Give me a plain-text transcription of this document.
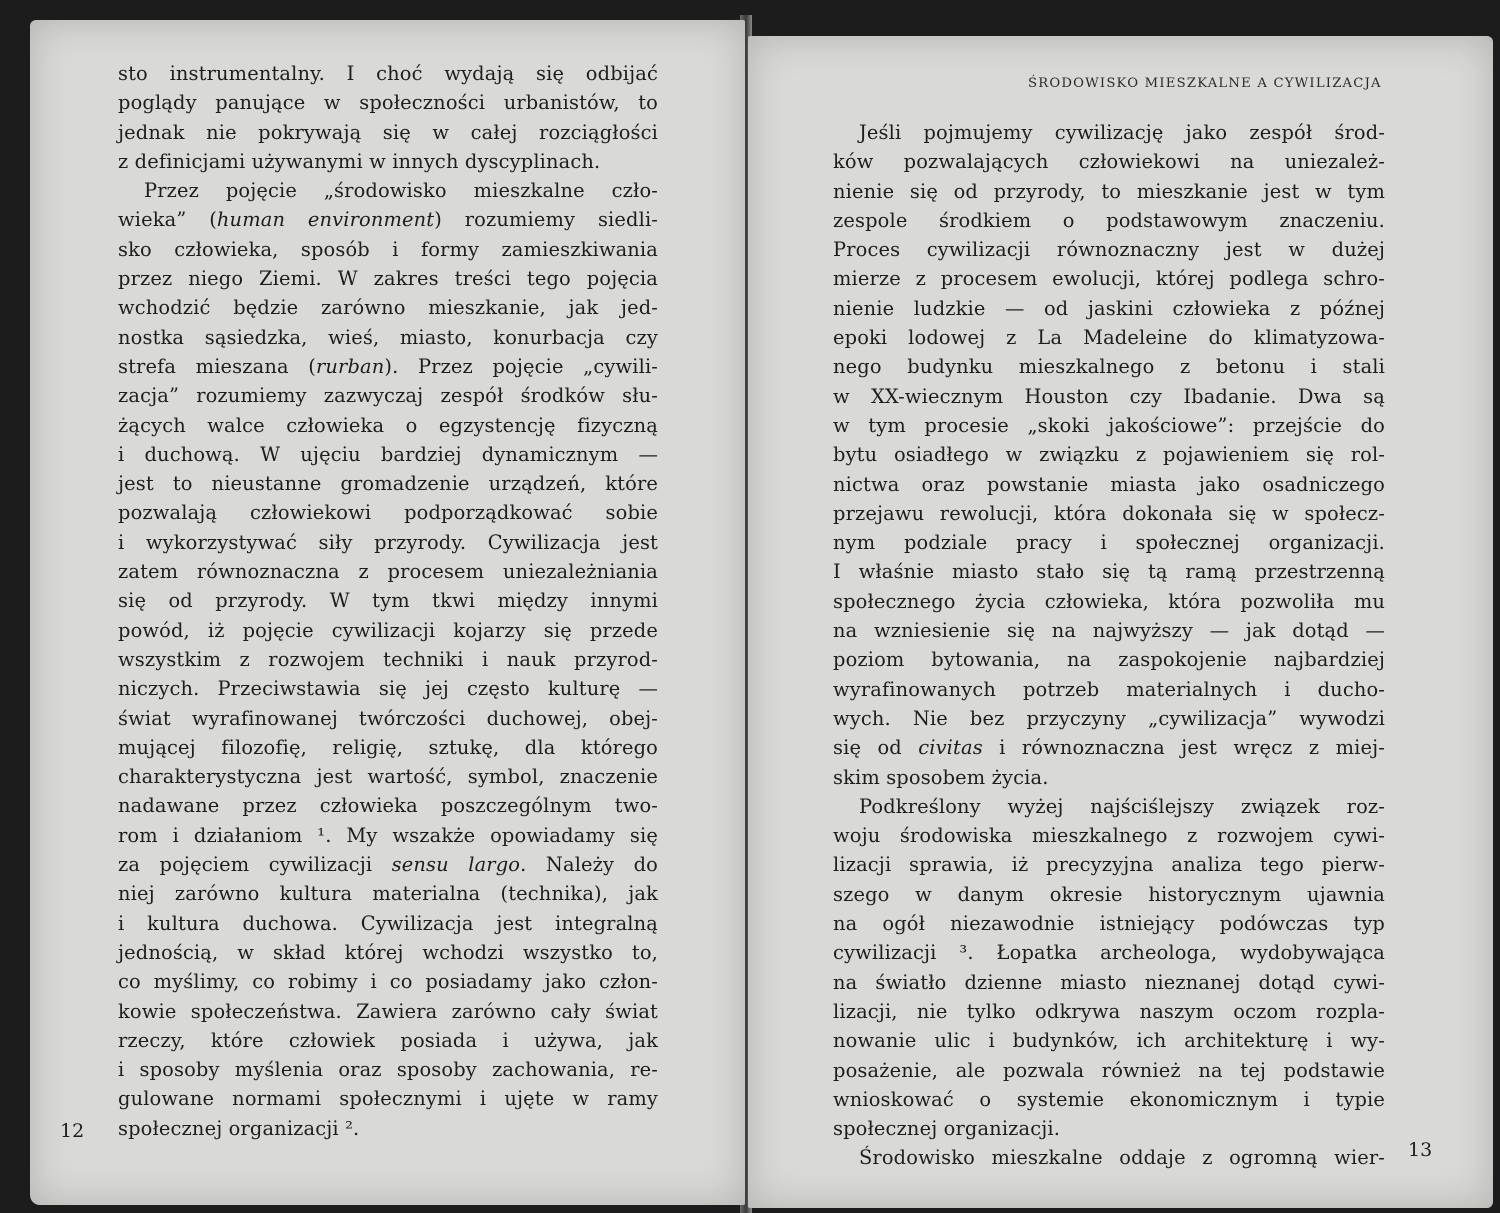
sto instrumentalny. I choć wydają się odbijać
poglądy panujące w społeczności urbanistów, to
jednak nie pokrywają się w całej rozciągłości
z definicjami używanymi w innych dyscyplinach.
Przez pojęcie „środowisko mieszkalne czło-
wieka” (human environment) rozumiemy siedli-
sko człowieka, sposób i formy zamieszkiwania
przez niego Ziemi. W zakres treści tego pojęcia
wchodzić będzie zarówno mieszkanie, jak jed-
nostka sąsiedzka, wieś, miasto, konurbacja czy
strefa mieszana (rurban). Przez pojęcie „cywili-
zacja” rozumiemy zazwyczaj zespół środków słu-
żących walce człowieka o egzystencję fizyczną
i duchową. W ujęciu bardziej dynamicznym —
jest to nieustanne gromadzenie urządzeń, które
pozwalają człowiekowi podporządkować sobie
i wykorzystywać siły przyrody. Cywilizacja jest
zatem równoznaczna z procesem uniezależniania
się od przyrody. W tym tkwi między innymi
powód, iż pojęcie cywilizacji kojarzy się przede
wszystkim z rozwojem techniki i nauk przyrod-
niczych. Przeciwstawia się jej często kulturę —
świat wyrafinowanej twórczości duchowej, obej-
mującej filozofię, religię, sztukę, dla którego
charakterystyczna jest wartość, symbol, znaczenie
nadawane przez człowieka poszczególnym two-
rom i działaniom ¹. My wszakże opowiadamy się
za pojęciem cywilizacji sensu largo. Należy do
niej zarówno kultura materialna (technika), jak
i kultura duchowa. Cywilizacja jest integralną
jednością, w skład której wchodzi wszystko to,
co myślimy, co robimy i co posiadamy jako człon-
kowie społeczeństwa. Zawiera zarówno cały świat
rzeczy, które człowiek posiada i używa, jak
i sposoby myślenia oraz sposoby zachowania, re-
gulowane normami społecznymi i ujęte w ramy
społecznej organizacji ².
12
ŚRODOWISKO MIESZKALNE A CYWILIZACJA
Jeśli pojmujemy cywilizację jako zespół środ-
ków pozwalających człowiekowi na uniezależ-
nienie się od przyrody, to mieszkanie jest w tym
zespole środkiem o podstawowym znaczeniu.
Proces cywilizacji równoznaczny jest w dużej
mierze z procesem ewolucji, której podlega schro-
nienie ludzkie — od jaskini człowieka z późnej
epoki lodowej z La Madeleine do klimatyzowa-
nego budynku mieszkalnego z betonu i stali
w XX-wiecznym Houston czy Ibadanie. Dwa są
w tym procesie „skoki jakościowe”: przejście do
bytu osiadłego w związku z pojawieniem się rol-
nictwa oraz powstanie miasta jako osadniczego
przejawu rewolucji, która dokonała się w społecz-
nym podziale pracy i społecznej organizacji.
I właśnie miasto stało się tą ramą przestrzenną
społecznego życia człowieka, która pozwoliła mu
na wzniesienie się na najwyższy — jak dotąd —
poziom bytowania, na zaspokojenie najbardziej
wyrafinowanych potrzeb materialnych i ducho-
wych. Nie bez przyczyny „cywilizacja” wywodzi
się od civitas i równoznaczna jest wręcz z miej-
skim sposobem życia.
Podkreślony wyżej najściślejszy związek roz-
woju środowiska mieszkalnego z rozwojem cywi-
lizacji sprawia, iż precyzyjna analiza tego pierw-
szego w danym okresie historycznym ujawnia
na ogół niezawodnie istniejący podówczas typ
cywilizacji ³. Łopatka archeologa, wydobywająca
na światło dzienne miasto nieznanej dotąd cywi-
lizacji, nie tylko odkrywa naszym oczom rozpla-
nowanie ulic i budynków, ich architekturę i wy-
posażenie, ale pozwala również na tej podstawie
wnioskować o systemie ekonomicznym i typie
społecznej organizacji.
Środowisko mieszkalne oddaje z ogromną wier- 13
